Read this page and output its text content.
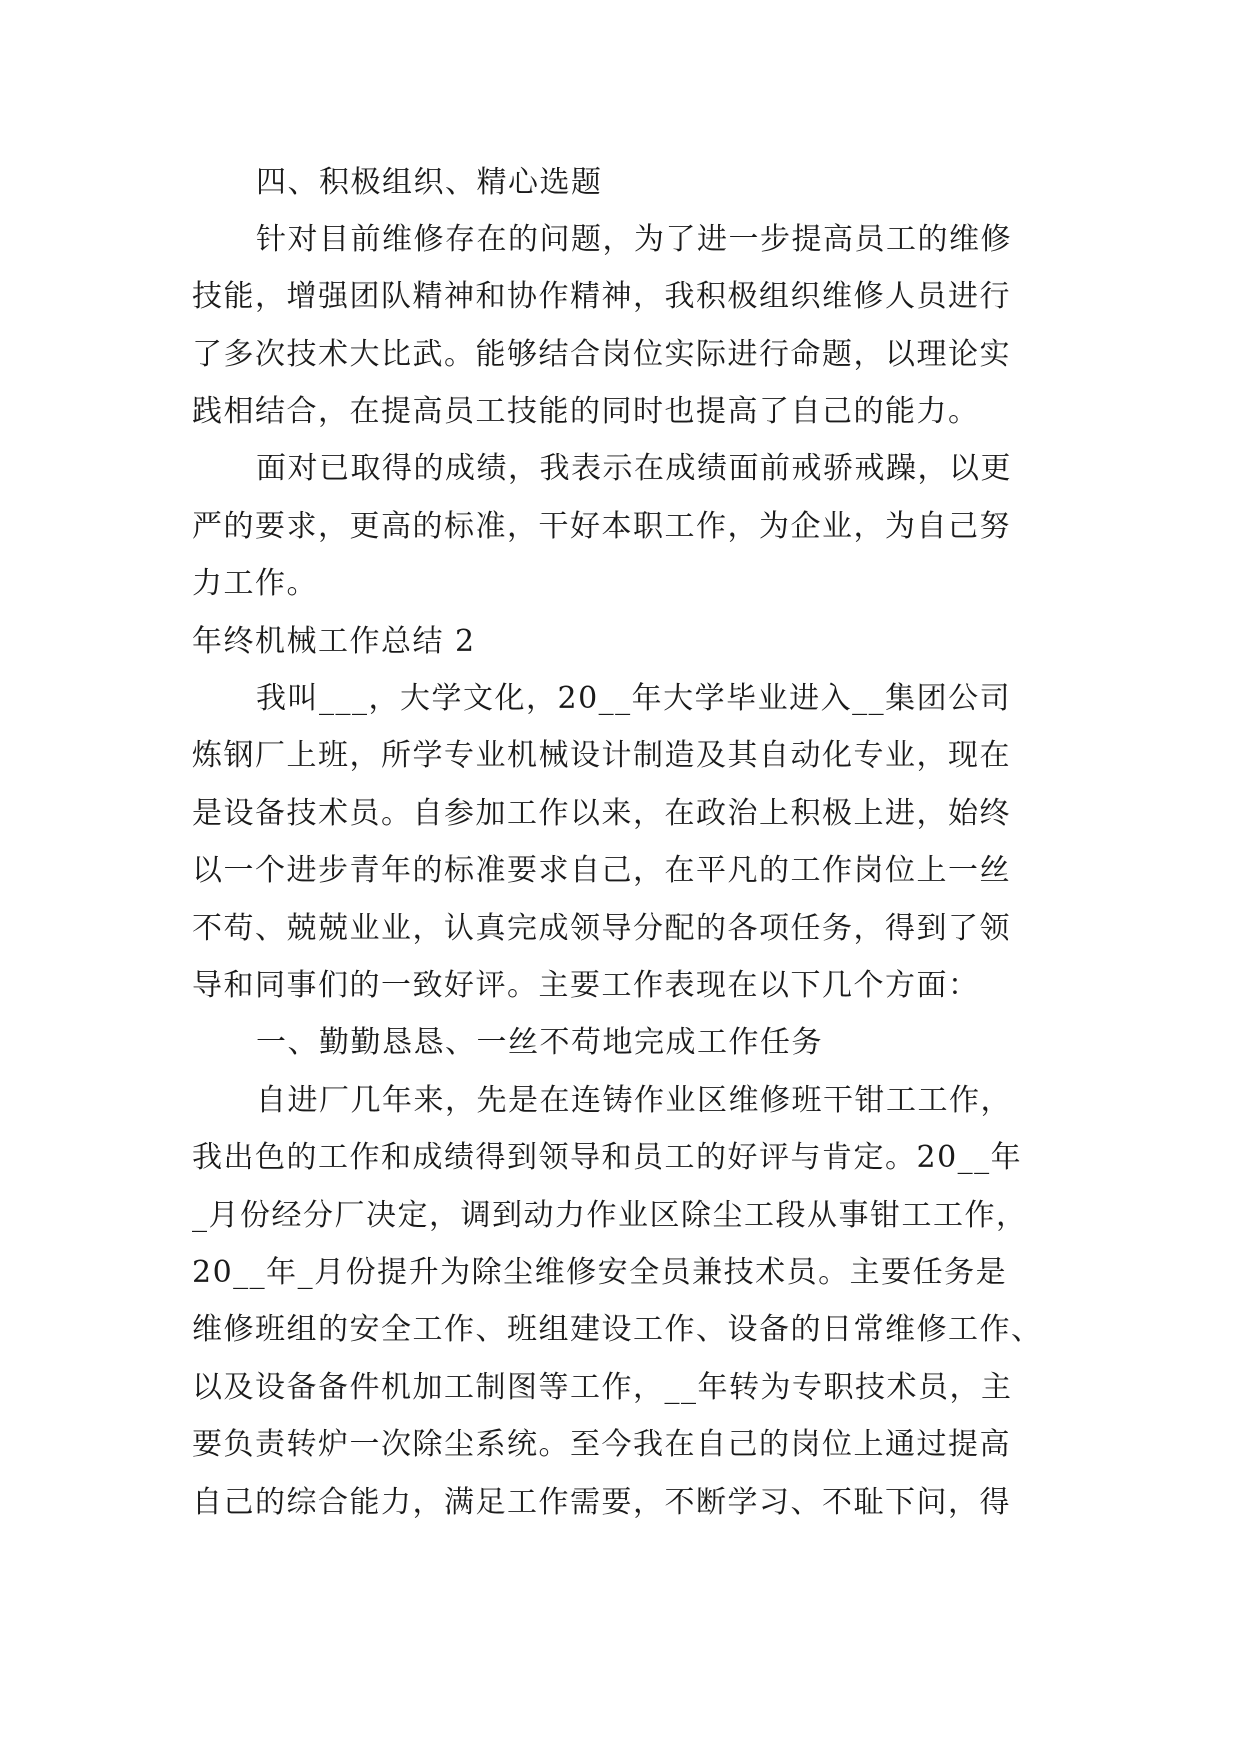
四、积极组织、精心选题
针对目前维修存在的问题，为了进一步提高员工的维修
技能，增强团队精神和协作精神，我积极组织维修人员进行
了多次技术大比武。能够结合岗位实际进行命题，以理论实
践相结合，在提高员工技能的同时也提高了自己的能力。
面对已取得的成绩，我表示在成绩面前戒骄戒躁，以更
严的要求，更高的标准，干好本职工作，为企业，为自己努
力工作。
年终机械工作总结 2
我叫___，大学文化，20__年大学毕业进入__集团公司
炼钢厂上班，所学专业机械设计制造及其自动化专业，现在
是设备技术员。自参加工作以来，在政治上积极上进，始终
以一个进步青年的标准要求自己，在平凡的工作岗位上一丝
不苟、兢兢业业，认真完成领导分配的各项任务，得到了领
导和同事们的一致好评。主要工作表现在以下几个方面：
一、勤勤恳恳、一丝不苟地完成工作任务
自进厂几年来，先是在连铸作业区维修班干钳工工作，
我出色的工作和成绩得到领导和员工的好评与肯定。20__年
_月份经分厂决定，调到动力作业区除尘工段从事钳工工作，
20__年_月份提升为除尘维修安全员兼技术员。主要任务是
维修班组的安全工作、班组建设工作、设备的日常维修工作、
以及设备备件机加工制图等工作，__年转为专职技术员，主
要负责转炉一次除尘系统。至今我在自己的岗位上通过提高
自己的综合能力，满足工作需要，不断学习、不耻下问，得
